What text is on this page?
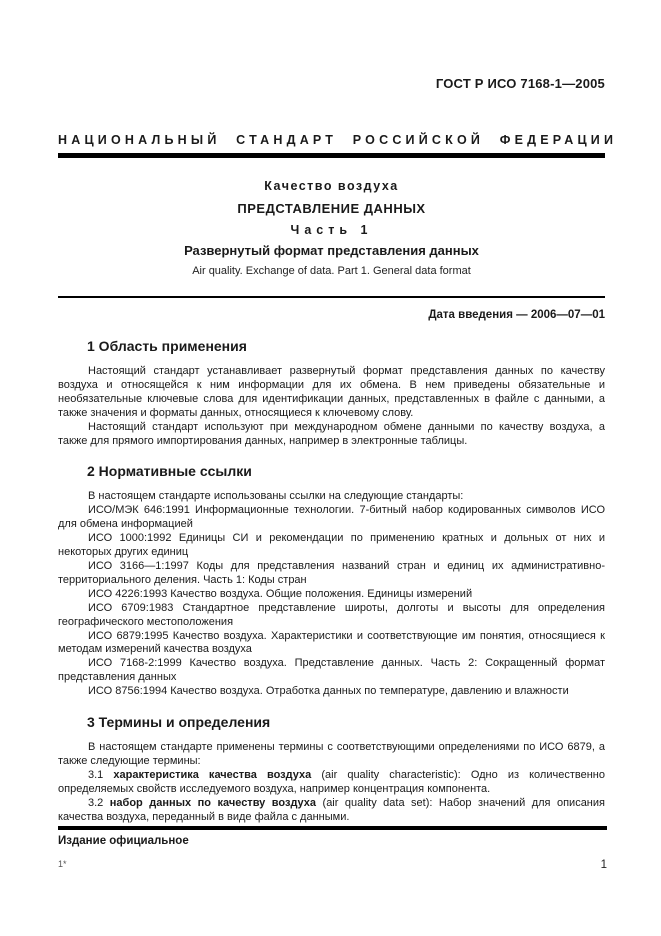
ГОСТ Р ИСО 7168-1—2005
НАЦИОНАЛЬНЫЙ СТАНДАРТ РОССИЙСКОЙ ФЕДЕРАЦИИ
Качество воздуха
ПРЕДСТАВЛЕНИЕ ДАННЫХ
Часть 1
Развернутый формат представления данных
Air quality. Exchange of data. Part 1. General data format
Дата введения — 2006—07—01
1 Область применения

Настоящий стандарт устанавливает развернутый формат представления данных по качеству воздуха и относящейся к ним информации для их обмена. В нем приведены обязательные и необязательные ключевые слова для идентификации данных, представленных в файле с данными, а также значения и форматы данных, относящиеся к ключевому слову.

Настоящий стандарт используют при международном обмене данными по качеству воздуха, а также для прямого импортирования данных, например в электронные таблицы.

2 Нормативные ссылки

В настоящем стандарте использованы ссылки на следующие стандарты:

ИСО/МЭК 646:1991 Информационные технологии. 7-битный набор кодированных символов ИСО для обмена информацией

ИСО 1000:1992 Единицы СИ и рекомендации по применению кратных и дольных от них и некоторых других единиц

ИСО 3166—1:1997 Коды для представления названий стран и единиц их административно-территориального деления. Часть 1: Коды стран

ИСО 4226:1993 Качество воздуха. Общие положения. Единицы измерений

ИСО 6709:1983 Стандартное представление широты, долготы и высоты для определения географического местоположения

ИСО 6879:1995 Качество воздуха. Характеристики и соответствующие им понятия, относящиеся к методам измерений качества воздуха

ИСО 7168-2:1999 Качество воздуха. Представление данных. Часть 2: Сокращенный формат представления данных

ИСО 8756:1994 Качество воздуха. Отработка данных по температуре, давлению и влажности

3 Термины и определения

В настоящем стандарте применены термины с соответствующими определениями по ИСО 6879, а также следующие термины:

3.1 характеристика качества воздуха (air quality characteristic): Одно из количественно определяемых свойств исследуемого воздуха, например концентрация компонента.

3.2 набор данных по качеству воздуха (air quality data set): Набор значений для описания качества воздуха, переданный в виде файла с данными.

Издание официальное
1*	1
